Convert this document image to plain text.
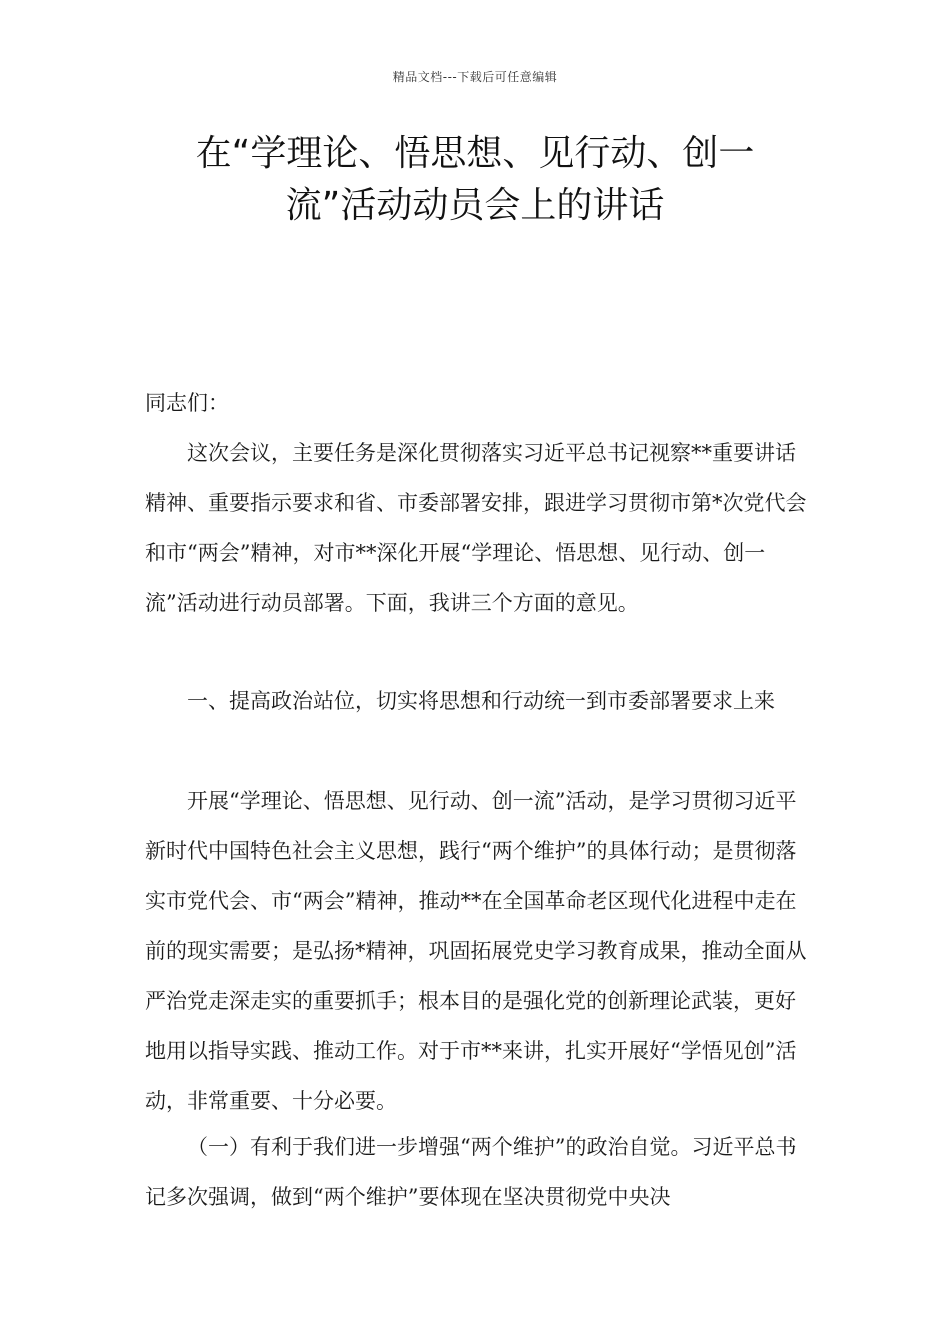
精品文档---下载后可任意编辑
在“学理论、悟思想、见行动、创一
流”活动动员会上的讲话

同志们：

这次会议，主要任务是深化贯彻落实习近平总书记视察**重要讲话精神、重要指示要求和省、市委部署安排，跟进学习贯彻市第*次党代会和市“两会”精神，对市**深化开展“学理论、悟思想、见行动、创一流”活动进行动员部署。下面，我讲三个方面的意见。

一、提高政治站位，切实将思想和行动统一到市委部署要求上来

开展“学理论、悟思想、见行动、创一流”活动，是学习贯彻习近平新时代中国特色社会主义思想，践行“两个维护”的具体行动；是贯彻落实市党代会、市“两会”精神，推动**在全国革命老区现代化进程中走在前的现实需要；是弘扬*精神，巩固拓展党史学习教育成果，推动全面从严治党走深走实的重要抓手；根本目的是强化党的创新理论武装，更好地用以指导实践、推动工作。对于市**来讲，扎实开展好“学悟见创”活动，非常重要、十分必要。

（一）有利于我们进一步增强“两个维护”的政治自觉。习近平总书记多次强调，做到“两个维护”要体现在坚决贯彻党中央决
